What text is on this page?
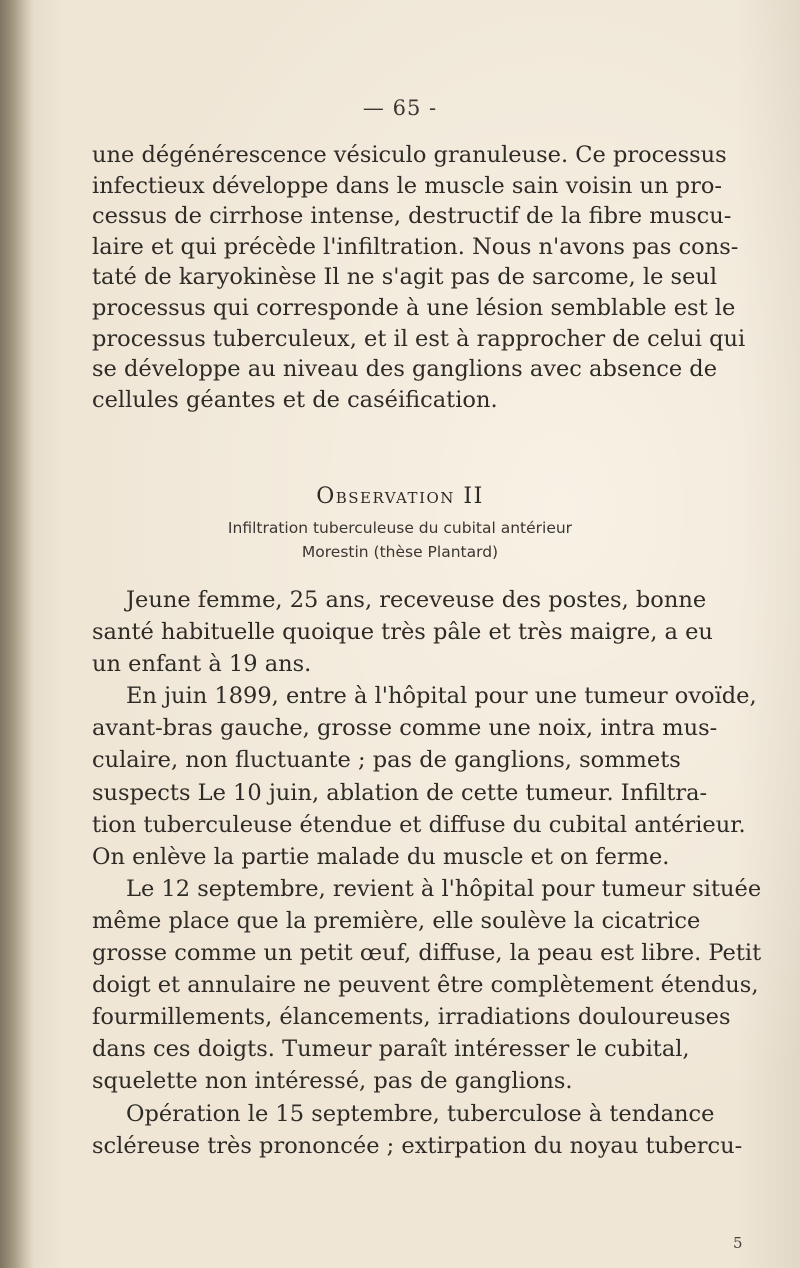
— 65 -
une dégénérescence vésiculo granuleuse. Ce processus
infectieux développe dans le muscle sain voisin un pro-
cessus de cirrhose intense, destructif de la fibre muscu-
laire et qui précède l'infiltration. Nous n'avons pas cons-
taté de karyokinèse Il ne s'agit pas de sarcome, le seul
processus qui corresponde à une lésion semblable est le
processus tuberculeux, et il est à rapprocher de celui qui
se développe au niveau des ganglions avec absence de
cellules géantes et de caséification.
Observation II
Infiltration tuberculeuse du cubital antérieur
Morestin (thèse Plantard)
Jeune femme, 25 ans, receveuse des postes, bonne
santé habituelle quoique très pâle et très maigre, a eu
un enfant à 19 ans.
En juin 1899, entre à l'hôpital pour une tumeur ovoïde,
avant-bras gauche, grosse comme une noix, intra mus-
culaire, non fluctuante ; pas de ganglions, sommets
suspects Le 10 juin, ablation de cette tumeur. Infiltra-
tion tuberculeuse étendue et diffuse du cubital antérieur.
On enlève la partie malade du muscle et on ferme.
Le 12 septembre, revient à l'hôpital pour tumeur située
même place que la première, elle soulève la cicatrice
grosse comme un petit œuf, diffuse, la peau est libre. Petit
doigt et annulaire ne peuvent être complètement étendus,
fourmillements, élancements, irradiations douloureuses
dans ces doigts. Tumeur paraît intéresser le cubital,
squelette non intéressé, pas de ganglions.
Opération le 15 septembre, tuberculose à tendance
scléreuse très prononcée ; extirpation du noyau tubercu-
5
